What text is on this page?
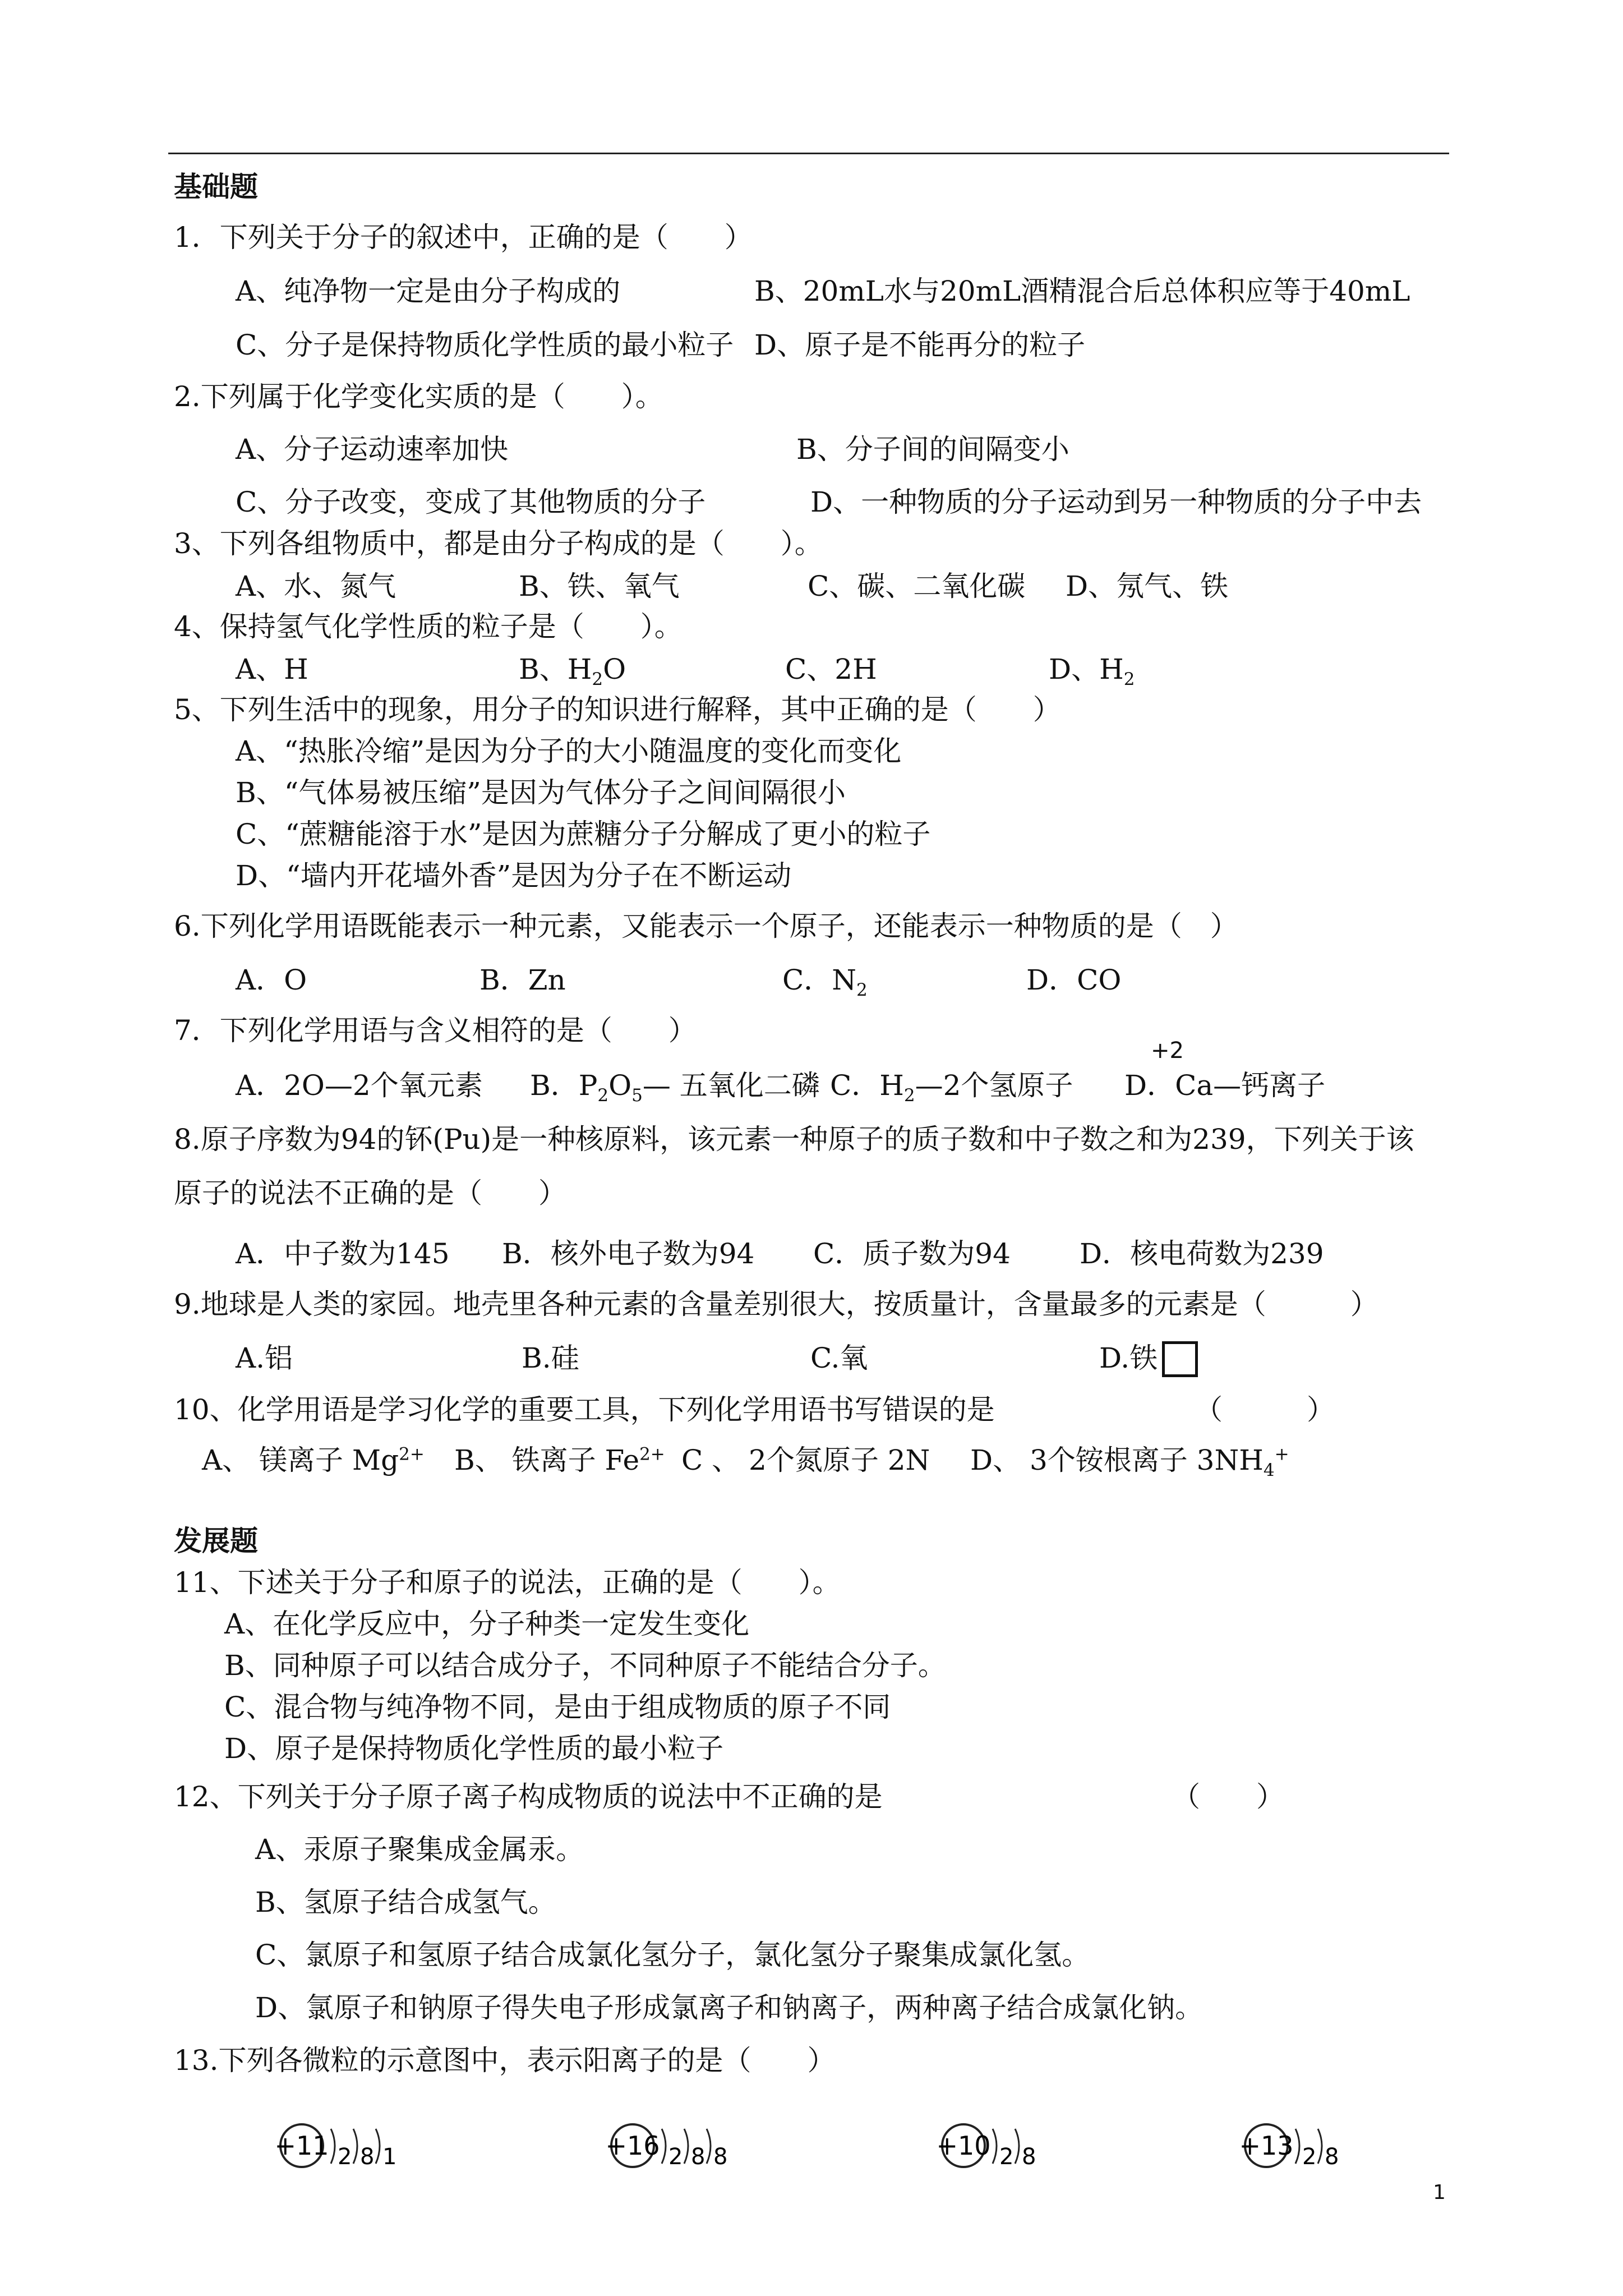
基础题
1．下列关于分子的叙述中，正确的是（　　）
A、纯净物一定是由分子构成的	B、20mL水与20mL酒精混合后总体积应等于40mL
C、分子是保持物质化学性质的最小粒子 D、原子是不能再分的粒子
2.下列属于化学变化实质的是（　　）。
A、分子运动速率加快	B、分子间的间隔变小
C、分子改变，变成了其他物质的分子	D、一种物质的分子运动到另一种物质的分子中去
3、下列各组物质中，都是由分子构成的是（　　）。
A、水、氮气	B、铁、氧气	C、碳、二氧化碳 D、氖气、铁
4、保持氢气化学性质的粒子是（　　）。
A、H	B、$H_2O$	C、2H	D、$H_2$
5、下列生活中的现象，用分子的知识进行解释，其中正确的是（　　）
A、“热胀冷缩”是因为分子的大小随温度的变化而变化
B、“气体易被压缩”是因为气体分子之间间隔很小
C、“蔗糖能溶于水”是因为蔗糖分子分解成了更小的粒子
D、“墙内开花墙外香”是因为分子在不断运动
6.下列化学用语既能表示一种元素，又能表示一个原子，还能表示一种物质的是（　）
A．O	B．Zn	C．$N_2$	D．CO
7．下列化学用语与含义相符的是（　　）
A．2O—2个氧元素 B．$P_2O_5—$ 五氧化二磷 C．$H_2—2$个氢原子
+2
D．Ca—钙离子
8.原子序数为94的钚(Pu)是一种核原料，该元素一种原子的质子数和中子数之和为239，下列关于该
原子的说法不正确的是（　　）
A．中子数为145 B．核外电子数为94 C．质子数为94 D．核电荷数为239
9.地球是人类的家园。地壳里各种元素的含量差别很大，按质量计，含量最多的元素是（　　　）
A.铝	B.硅	C.氧	D.铁
10、化学用语是学习化学的重要工具，下列化学用语书写错误的是	（　　　）
A、 镁离子 $Mg^{2+}$ B、 铁离子 $Fe^{2+}$ C 、 2个氮原子 2N D、 3个铵根离子 $3NH_4^+$
发展题
11、下述关于分子和原子的说法，正确的是（　　）。
A、在化学反应中，分子种类一定发生变化
B、同种原子可以结合成分子，不同种原子不能结合分子。
C、混合物与纯净物不同，是由于组成物质的原子不同
D、原子是保持物质化学性质的最小粒子
12、下列关于分子原子离子构成物质的说法中不正确的是	（　　）
A、汞原子聚集成金属汞。
B、氢原子结合成氢气。
C、氯原子和氢原子结合成氯化氢分子，氯化氢分子聚集成氯化氢。
D、氯原子和钠原子得失电子形成氯离子和钠离子，两种离子结合成氯化钠。
13.下列各微粒的示意图中，表示阳离子的是（　　）
+11 2 8 1	+16 2 8 8	+10 2 8	+13 2 8
1
